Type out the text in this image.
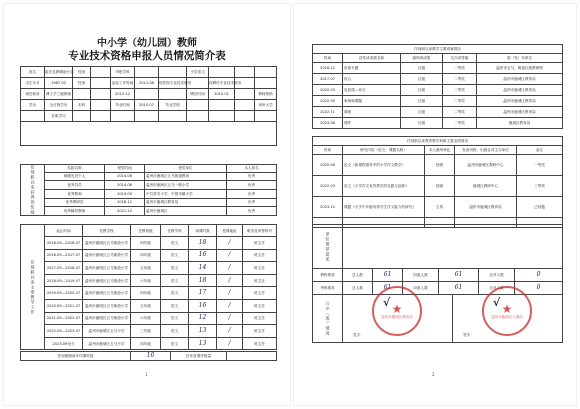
中小学（幼儿园）教师
专业技术资格申报人员情况简介表
姓名	崔宗良教刷助小学	性别		申报学科			小学语文			
出生年月	1987.02	性别		参加工作时间	2011.08	现任现专业技术职务		现聘任专业技术职务		
现任职务	博士学三级教师			2012.12			聘任时间	2015.01		教师资格
学历	全日制学历	本科		毕业时间	2010.07	毕业学校				泉州大学
	在职学历									

任现职以来获得的奖励	奖励名称	授奖时间	授奖单位	本人排名
	师德先进个人	2014.08	温州市鹿城区五马街道教育	优秀
	优秀员员	2014.08	温州市瓯海区五马一路小学	优秀
	优秀教师	2019.09	中共常安小学，中国市镇小学	优秀
	优秀教研员	2018.12	温州市鹿城区教育局	优秀
	优秀辅导教师	2021.10	温州市鹿城区	优秀
任现职以来主要教学工作	起止时间	任教学校	任教班级	任教学科	周课时数	授课地址	职务及荣誉称号
	2016.09—2016.07	温州市鹿城区五马街道小学	四年级	语文	18	/	班主任
	2016.09—2017.07	温州市鹿城区五马街道小学	四年级	语文	16	/	班主任
	2017.09—2018.07	温州市鹿城区五马街道小学	五年级	语文	14	/	班主任
	2018.09—2019.07	温州市鹿城区五马街道小学	六年级	语文	18	/	班主任
	2019.09—2020.07	温州市鹿城区五马街道小学	四年级	语文	17	/	班主任
	2020.09—2021.07	温州市鹿城区五马街道小学	五年级	语文	16	/	班主任
	2021.09—2022.07	温州市鹿城区五马街道小学	六年级	语文	12	/	班主任
	2022.09—2023.07	温州市鹿城区五马小学	三年级	语文	13	/	班主任
	2023.09至今	温州市鹿城区五马小学	四年级	语文	13	/	班主任
任现职期间年均课时数	16	任年度课作数量	
1
任现职以来教学主要成就情况				
时间	获奖或成果名称	级别或成果	名次或等级	颁（发）布单位
2016.12	讲座专题	区级	一等奖	温州市五马，街道区级教研网
2017.07	综合	区级	二等奖	温州市鹿城区教育局
2020.05	优质课—家长	区级	二等奖	温州市鹿城区教育局
2022.05	案例和课题	区级	二等奖	温州市鹿城区教育局
2022.11	课案	区级	二等奖	温州市鹿城区教育局
2023.06	课件	区级	二等奖	鹿城区教育局
任现职以来教育教学科研主要业绩情况				
时间	研究内容（论文、课题名称）	本人最终角色	发表刊物、出版社或主办单位	备注
2020.06	论文《新课程指导中的小学作文教学》	独著	温州市鹿城区教研中心	一等奖
2022.03	论文《小学作文有效教学的实践与创新》	独著	鹿城区教研中心	三等奖
2023.12	课题《小学中年级培养学生作文能力的研究》	主持	温州市鹿城区教育局	已结题

单位推荐意见	
教科推荐	总人数	61	同意人数	61	反对人数	0
考核推荐	总人数	61	同意人数	61	反对人数	0
公示（或）情况	√
签字：

√
签字：
★
温州市鹿城区教育局
★
温州市鹿城区人事局
2
